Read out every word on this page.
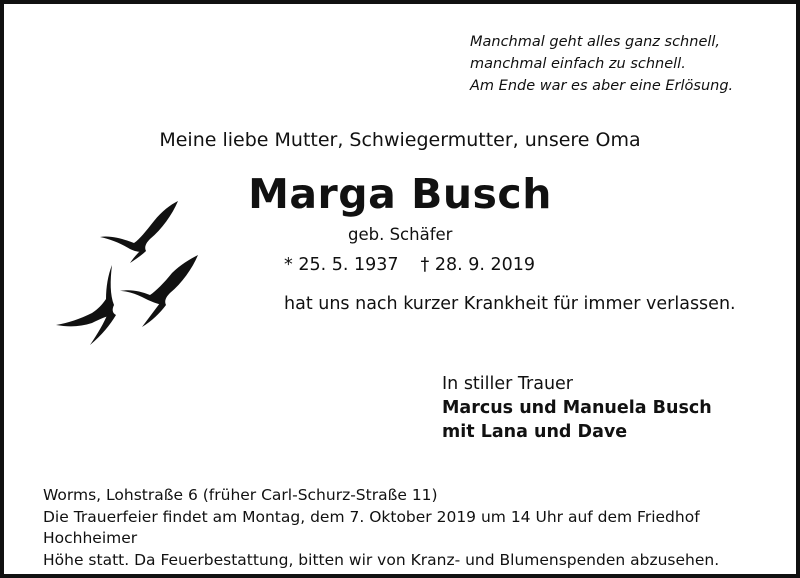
Manchmal geht alles ganz schnell,
manchmal einfach zu schnell.
Am Ende war es aber eine Erlösung.
Meine liebe Mutter, Schwiegermutter, unsere Oma
Marga Busch
geb. Schäfer
* 25. 5. 1937 † 28. 9. 2019
hat uns nach kurzer Krankheit für immer verlassen.
In stiller Trauer
Marcus und Manuela Busch
mit Lana und Dave
Worms, Lohstraße 6 (früher Carl-Schurz-Straße 11)
Die Trauerfeier findet am Montag, dem 7. Oktober 2019 um 14 Uhr auf dem Friedhof Hochheimer
Höhe statt. Da Feuerbestattung, bitten wir von Kranz- und Blumenspenden abzusehen.
